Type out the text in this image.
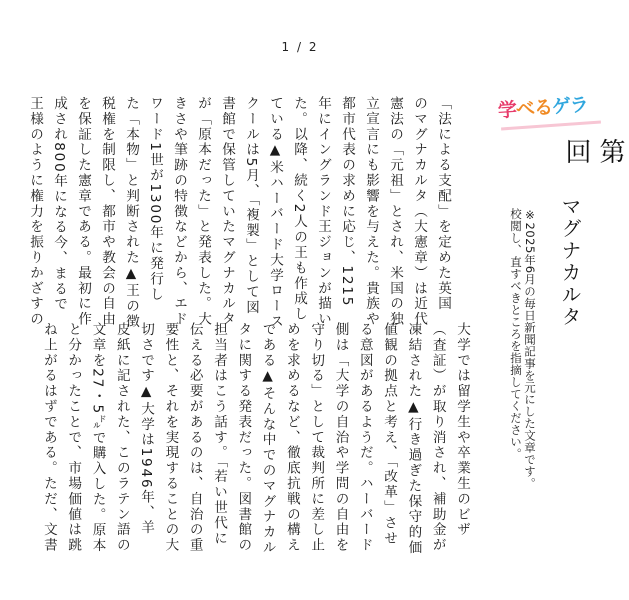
1 / 2
学べるゲラ
第
回
マグナカルタ
※2025年6月の毎日新聞記事を元にした文章です。
校閲し、直すべきところを指摘してください。
「法による支配」を定めた英国
のマグナカルタ（大憲章）は近代
憲法の「元祖」とされ、米国の独
立宣言にも影響を与えた。貴族や
都市代表の求めに応じ、1215
年にイングランド王ジョンが描い
た。以降、続く2人の王も作成し
ている▲米ハーバード大学ロース
クールは5月、「複製」として図
書館で保管していたマグナカルタ
が「原本だった」と発表した。大
きさや筆跡の特徴などから、エド
ワード1世が1300年に発行し
た「本物」と判断された▲王の徴
税権を制限し、都市や教会の自由
を保証した憲章である。最初に作
成され800年になる今、まるで
王様のように権力を振りかざすの
大学では留学生や卒業生のビザ
（査証）が取り消され、補助金が
凍結された▲行き過ぎた保守的価
値観の拠点と考え、「改革」させ
る意図があるようだ。ハーバード
側は「大学の自治や学問の自由を
守り切る」として裁判所に差し止
めを求めるなど、徹底抗戦の構え
である▲そんな中でのマグナカル
タに関する発表だった。図書館の
担当者はこう話す。「若い世代に
伝える必要があるのは、自治の重
要性と、それを実現することの大
切さです▲大学は1946年、羊
皮紙に記された、このラテン語の
文章を27・5㌦で購入した。原本
と分かったことで、市場価値は跳
ね上がるはずである。ただ、文書
